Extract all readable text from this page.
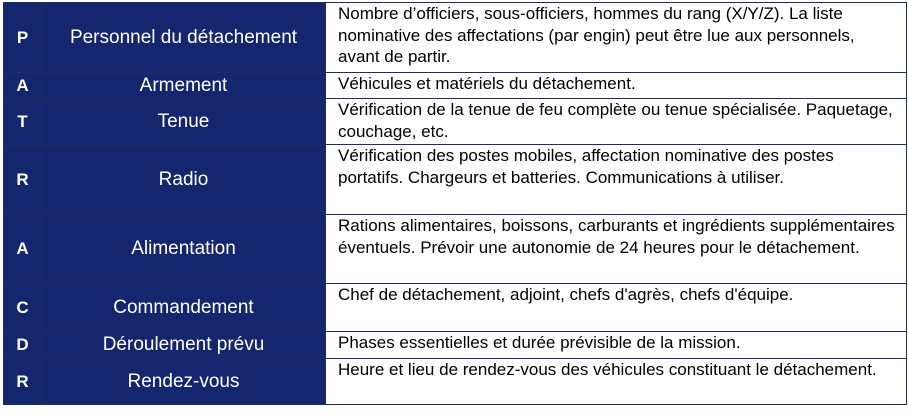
P	Personnel du détachement	Nombre d’officiers, sous-officiers, hommes du rang (X/Y/Z). La liste nominative des affectations (par engin) peut être lue aux personnels, avant de partir.
A	Armement	Véhicules et matériels du détachement.
T	Tenue	Vérification de la tenue de feu complète ou tenue spécialisée. Paquetage, couchage, etc.
R	Radio	Vérification des postes mobiles, affectation nominative des postes portatifs. Chargeurs et batteries. Communications à utiliser.
A	Alimentation	Rations alimentaires, boissons, carburants et ingrédients supplémentaires éventuels. Prévoir une autonomie de 24 heures pour le détachement.
C	Commandement	Chef de détachement, adjoint, chefs d'agrès, chefs d'équipe.
D	Déroulement prévu	Phases essentielles et durée prévisible de la mission.
R	Rendez-vous	Heure et lieu de rendez-vous des véhicules constituant le détachement.
